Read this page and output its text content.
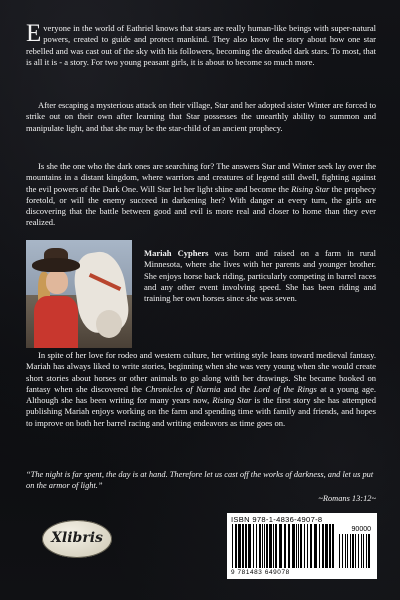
Everyone in the world of Eathriel knows that stars are really human-like beings with super-natural powers, created to guide and protect mankind. They also know the story about how one star rebelled and was cast out of the sky with his followers, becoming the dreaded dark stars. To most, that is all it is - a story. For two young peasant girls, it is about to become so much more.

After escaping a mysterious attack on their village, Star and her adopted sister Winter are forced to strike out on their own after learning that Star possesses the unearthly ability to summon and manipulate light, and that she may be the star-child of an ancient prophecy.

Is she the one who the dark ones are searching for? The answers Star and Winter seek lay over the mountains in a distant kingdom, where warriors and creatures of legend still dwell, fighting against the evil powers of the Dark One. Will Star let her light shine and become the Rising Star the prophecy foretold, or will the enemy succeed in darkening her? With danger at every turn, the girls are discovering that the battle between good and evil is more real and closer to home than they ever realized.

Mariah Cyphers was born and raised on a farm in rural Minnesota, where she lives with her parents and younger brother. She enjoys horse back riding, particularly competing in barrel races and any other event involving speed. She has been riding and training her own horses since she was seven.

In spite of her love for rodeo and western culture, her writing style leans toward medieval fantasy. Mariah has always liked to write stories, beginning when she was very young when she would create short stories about horses or other animals to go along with her drawings. She became hooked on fantasy when she discovered the Chronicles of Narnia and the Lord of the Rings at a young age. Although she has been writing for many years now, Rising Star is the first story she has attempted publishing Mariah enjoys working on the farm and spending time with family and friends, and hopes to improve on both her barrel racing and writing endeavors as time goes on.

“The night is far spent, the day is at hand. Therefore let us cast off the works of darkness, and let us put on the armor of light.”

~Romans 13:12~

Xlibris
ISBN 978-1-4836-4907-8
90000
9 781483 649078
